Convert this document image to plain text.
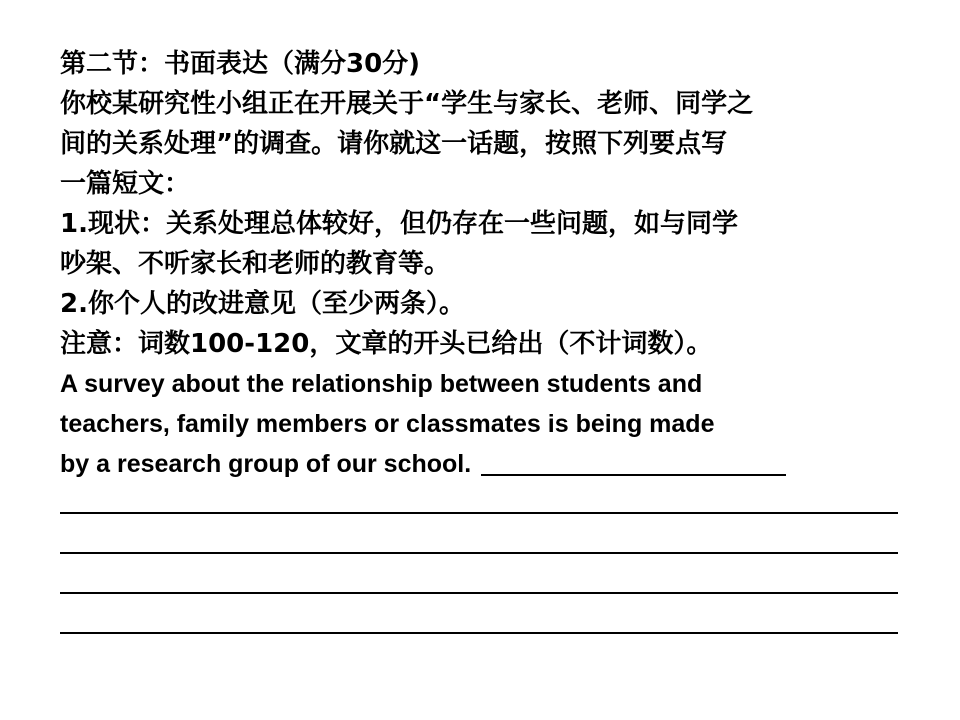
第二节：书面表达（满分30分)
你校某研究性小组正在开展关于“学生与家长、老师、同学之
间的关系处理”的调查。请你就这一话题，按照下列要点写
一篇短文：
1.现状：关系处理总体较好，但仍存在一些问题，如与同学
吵架、不听家长和老师的教育等。
2.你个人的改进意见（至少两条）。
注意：词数100-120，文章的开头已给出（不计词数）。
A survey about the relationship between students and
teachers, family members or classmates is being made
by a research group of our school.
